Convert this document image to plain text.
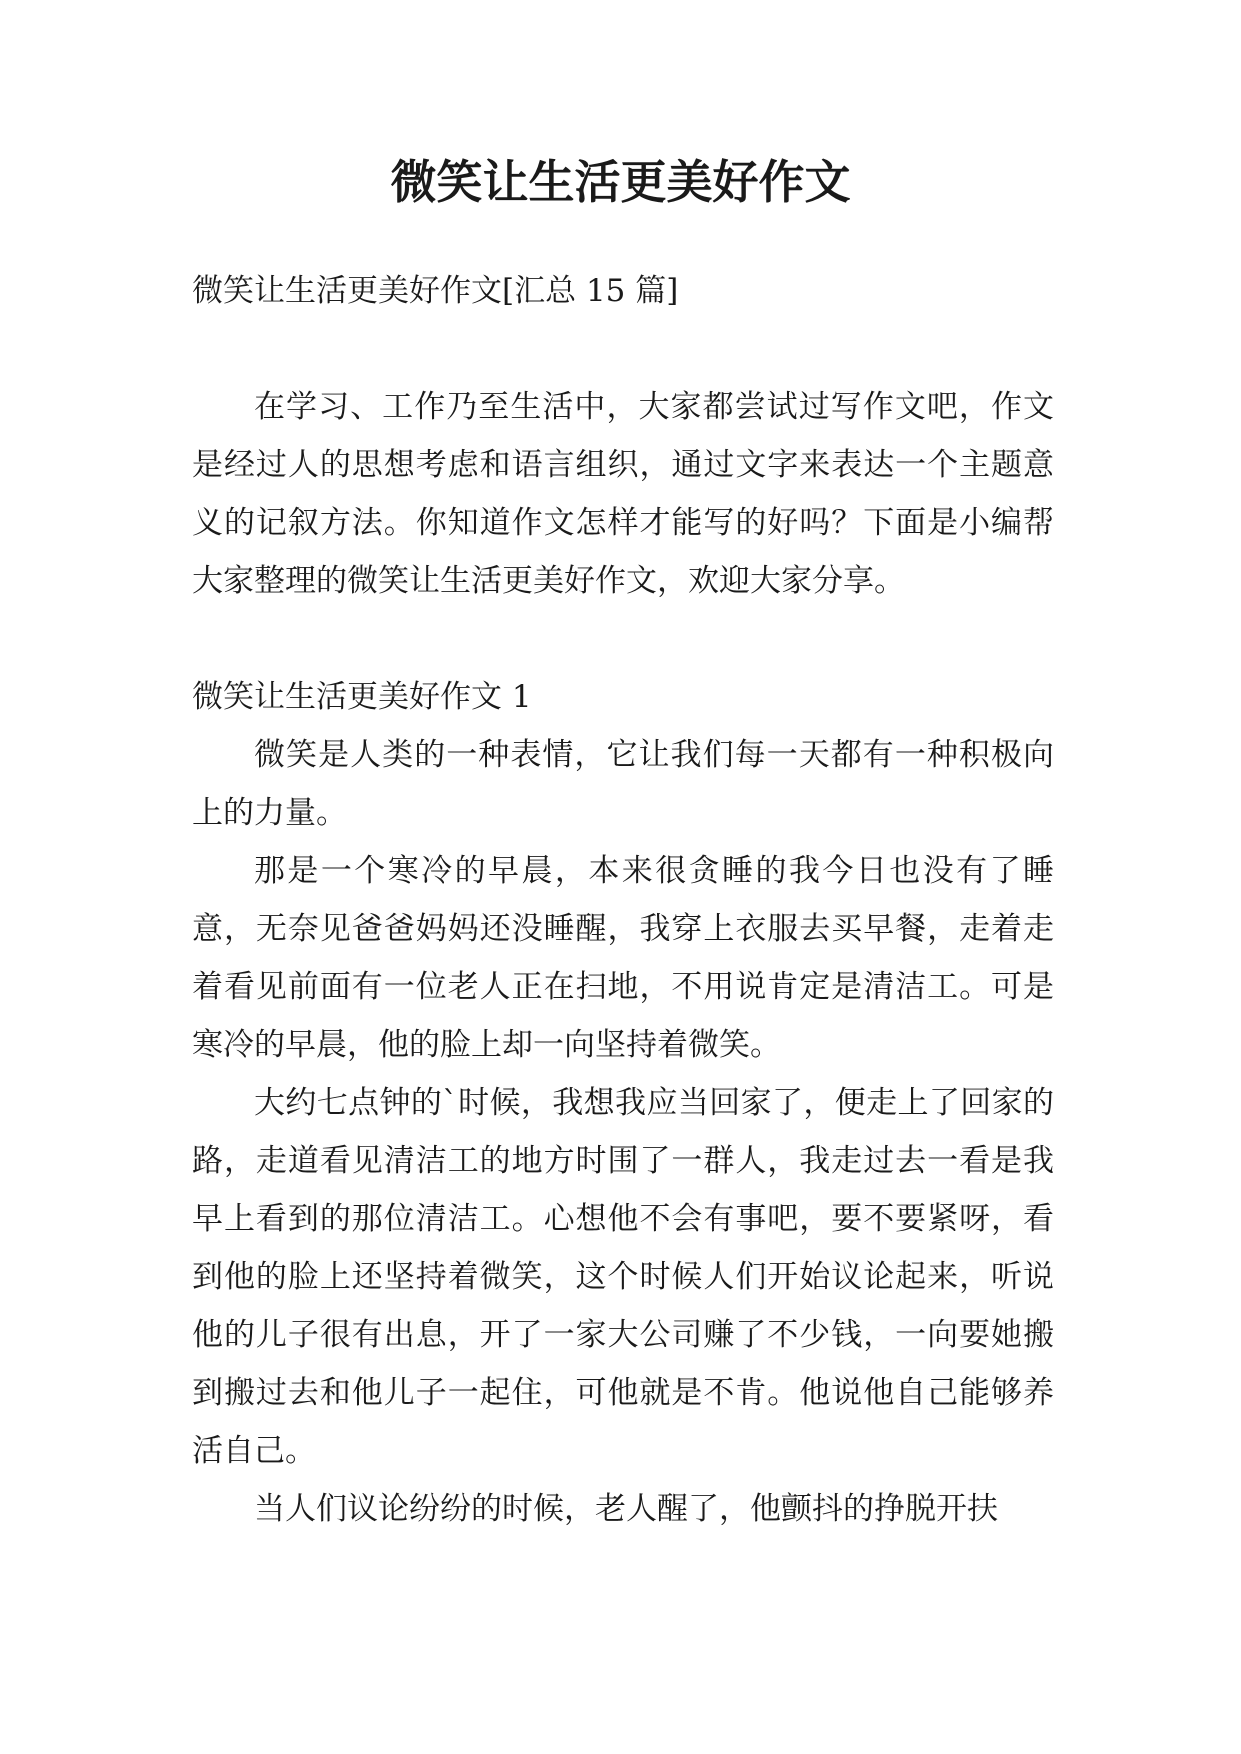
微笑让生活更美好作文

微笑让生活更美好作文[汇总 15 篇]

在学习、工作乃至生活中，大家都尝试过写作文吧，作文是经过人的思想考虑和语言组织，通过文字来表达一个主题意义的记叙方法。你知道作文怎样才能写的好吗？下面是小编帮大家整理的微笑让生活更美好作文，欢迎大家分享。

微笑让生活更美好作文 1

微笑是人类的一种表情，它让我们每一天都有一种积极向上的力量。

那是一个寒冷的早晨，本来很贪睡的我今日也没有了睡意，无奈见爸爸妈妈还没睡醒，我穿上衣服去买早餐，走着走着看见前面有一位老人正在扫地，不用说肯定是清洁工。可是寒冷的早晨，他的脸上却一向坚持着微笑。

大约七点钟的`时候，我想我应当回家了，便走上了回家的路，走道看见清洁工的地方时围了一群人，我走过去一看是我早上看到的那位清洁工。心想他不会有事吧，要不要紧呀，看到他的脸上还坚持着微笑，这个时候人们开始议论起来，听说他的儿子很有出息，开了一家大公司赚了不少钱，一向要她搬到搬过去和他儿子一起住，可他就是不肯。他说他自己能够养活自己。

当人们议论纷纷的时候，老人醒了，他颤抖的挣脱开扶
